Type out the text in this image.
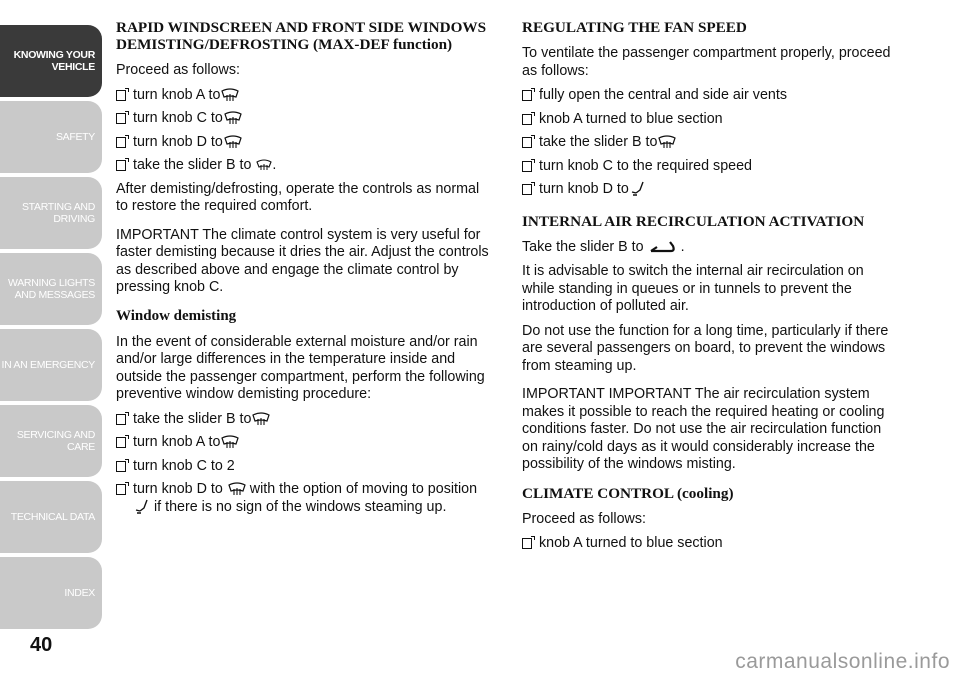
KNOWING YOUR
VEHICLE
SAFETY
STARTING AND
DRIVING
WARNING LIGHTS
AND MESSAGES
IN AN EMERGENCY
SERVICING AND
CARE
TECHNICAL DATA
INDEX
40
RAPID WINDSCREEN AND FRONT SIDE WINDOWS DEMISTING/DEFROSTING (MAX-DEF function)

Proceed as follows:

turn knob A to
turn knob C to
turn knob D to
take the slider B to .

After demisting/defrosting, operate the controls as normal to restore the required comfort.

IMPORTANT The climate control system is very useful for faster demisting because it dries the air. Adjust the controls as described above and engage the climate control by pressing knob C.

Window demisting

In the event of considerable external moisture and/or rain and/or large differences in the temperature inside and outside the passenger compartment, perform the following preventive window demisting procedure:

take the slider B to
turn knob A to
turn knob C to 2
turn knob D to with the option of moving to position  if there is no sign of the windows steaming up.
REGULATING THE FAN SPEED

To ventilate the passenger compartment properly, proceed as follows:

fully open the central and side air vents
knob A turned to blue section
take the slider B to
turn knob C to the required speed
turn knob D to
INTERNAL AIR RECIRCULATION ACTIVATION

Take the slider B to	.

It is advisable to switch the internal air recirculation on while standing in queues or in tunnels to prevent the introduction of polluted air.

Do not use the function for a long time, particularly if there are several passengers on board, to prevent the windows from steaming up.

IMPORTANT IMPORTANT The air recirculation system makes it possible to reach the required heating or cooling conditions faster. Do not use the air recirculation function on rainy/cold days as it would considerably increase the possibility of the windows misting.

CLIMATE CONTROL (cooling)

Proceed as follows:

knob A turned to blue section
carmanualsonline.info
